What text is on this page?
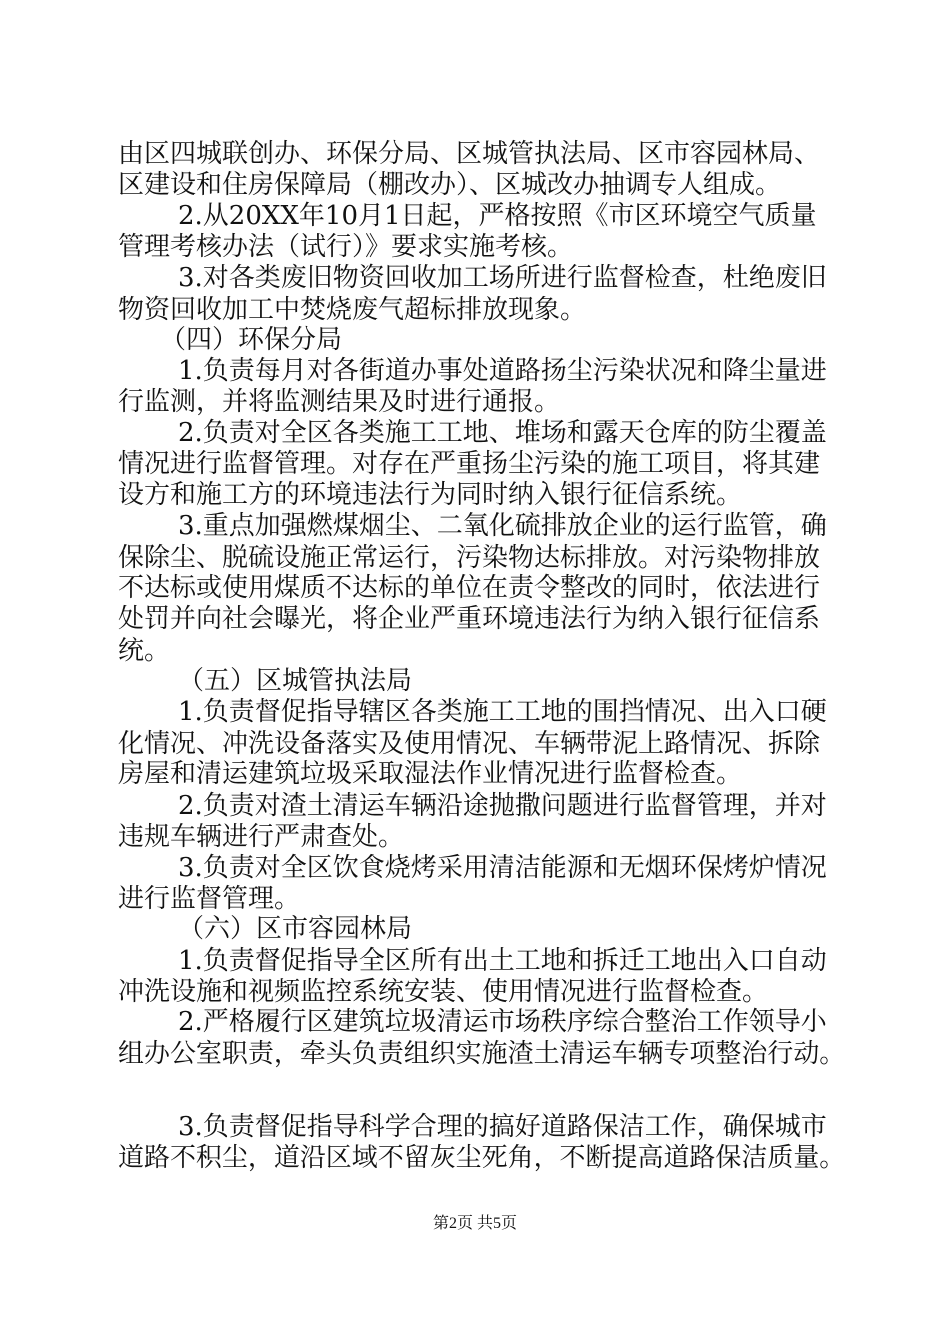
由区四城联创办、环保分局、区城管执法局、区市容园林局、
区建设和住房保障局（棚改办）、区城改办抽调专人组成。
2.从20XX年10月1日起，严格按照《市区环境空气质量
管理考核办法（试行）》要求实施考核。
3.对各类废旧物资回收加工场所进行监督检查，杜绝废旧
物资回收加工中焚烧废气超标排放现象。
（四）环保分局
1.负责每月对各街道办事处道路扬尘污染状况和降尘量进
行监测，并将监测结果及时进行通报。
2.负责对全区各类施工工地、堆场和露天仓库的防尘覆盖
情况进行监督管理。对存在严重扬尘污染的施工项目，将其建
设方和施工方的环境违法行为同时纳入银行征信系统。
3.重点加强燃煤烟尘、二氧化硫排放企业的运行监管，确
保除尘、脱硫设施正常运行，污染物达标排放。对污染物排放
不达标或使用煤质不达标的单位在责令整改的同时，依法进行
处罚并向社会曝光，将企业严重环境违法行为纳入银行征信系
统。
（五）区城管执法局
1.负责督促指导辖区各类施工工地的围挡情况、出入口硬
化情况、冲洗设备落实及使用情况、车辆带泥上路情况、拆除
房屋和清运建筑垃圾采取湿法作业情况进行监督检查。
2.负责对渣土清运车辆沿途抛撒问题进行监督管理，并对
违规车辆进行严肃查处。
3.负责对全区饮食烧烤采用清洁能源和无烟环保烤炉情况
进行监督管理。
（六）区市容园林局
1.负责督促指导全区所有出土工地和拆迁工地出入口自动
冲洗设施和视频监控系统安装、使用情况进行监督检查。
2.严格履行区建筑垃圾清运市场秩序综合整治工作领导小
组办公室职责，牵头负责组织实施渣土清运车辆专项整治行动。
3.负责督促指导科学合理的搞好道路保洁工作，确保城市
道路不积尘，道沿区域不留灰尘死角，不断提高道路保洁质量。
第2页 共5页
